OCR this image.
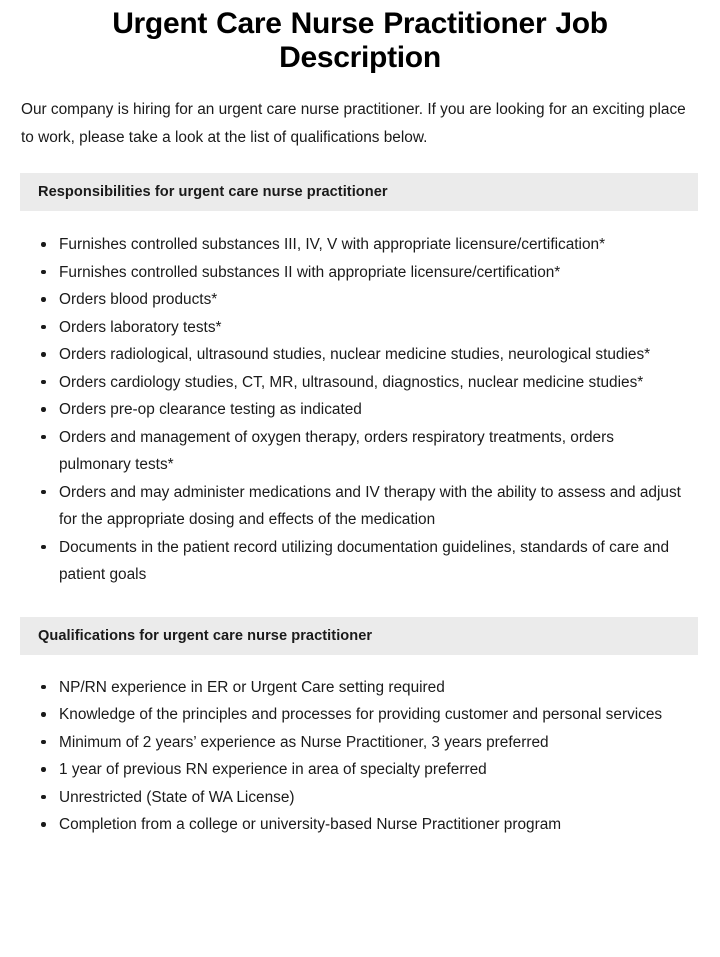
Urgent Care Nurse Practitioner Job Description

Our company is hiring for an urgent care nurse practitioner. If you are looking for an exciting place to work, please take a look at the list of qualifications below.

Responsibilities for urgent care nurse practitioner
Furnishes controlled substances III, IV, V with appropriate licensure/certification*
Furnishes controlled substances II with appropriate licensure/certification*
Orders blood products*
Orders laboratory tests*
Orders radiological, ultrasound studies, nuclear medicine studies, neurological studies*
Orders cardiology studies, CT, MR, ultrasound, diagnostics, nuclear medicine studies*
Orders pre-op clearance testing as indicated
Orders and management of oxygen therapy, orders respiratory treatments, orders pulmonary tests*
Orders and may administer medications and IV therapy with the ability to assess and adjust for the appropriate dosing and effects of the medication
Documents in the patient record utilizing documentation guidelines, standards of care and patient goals
Qualifications for urgent care nurse practitioner
NP/RN experience in ER or Urgent Care setting required
Knowledge of the principles and processes for providing customer and personal services
Minimum of 2 years’ experience as Nurse Practitioner, 3 years preferred
1 year of previous RN experience in area of specialty preferred
Unrestricted (State of WA License)
Completion from a college or university-based Nurse Practitioner program
